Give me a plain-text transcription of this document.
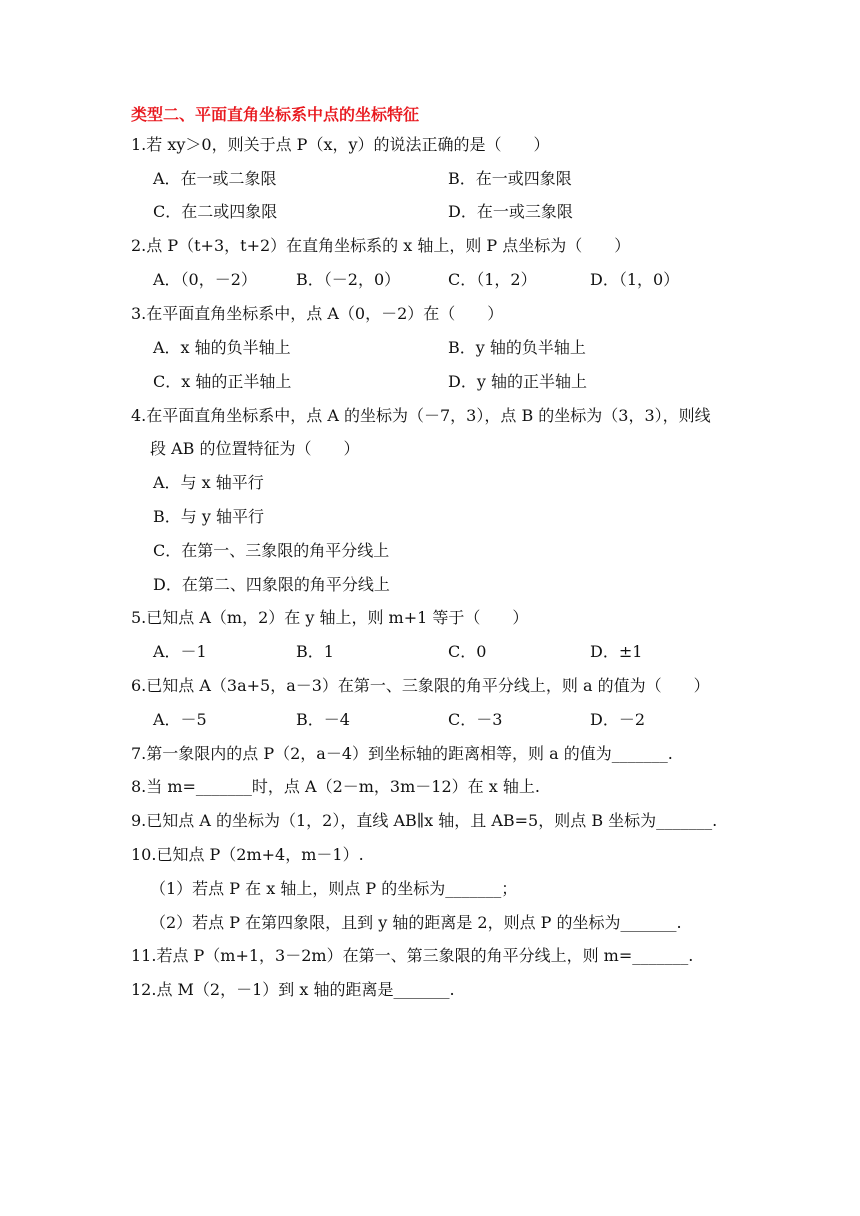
类型二、平面直角坐标系中点的坐标特征
1.若 xy＞0，则关于点 P（x，y）的说法正确的是（　　）
A．在一或二象限	B．在一或四象限
C．在二或四象限	D．在一或三象限
2.点 P（t+3，t+2）在直角坐标系的 x 轴上，则 P 点坐标为（　　）
A．（0，－2） B．（－2，0）	C．（1，2）	D．（1，0）
3.在平面直角坐标系中，点 A（0，－2）在（　　）
A．x 轴的负半轴上	B．y 轴的负半轴上
C．x 轴的正半轴上	D．y 轴的正半轴上
4.在平面直角坐标系中，点 A 的坐标为（－7，3），点 B 的坐标为（3，3），则线
段 AB 的位置特征为（　　）
A．与 x 轴平行
B．与 y 轴平行
C．在第一、三象限的角平分线上
D．在第二、四象限的角平分线上
5.已知点 A（m，2）在 y 轴上，则 m+1 等于（　　）
A．－1	B．1	C．0	D．±1
6.已知点 A（3a+5，a－3）在第一、三象限的角平分线上，则 a 的值为（　　）
A．－5	B．－4	C．－3	D．－2
7.第一象限内的点 P（2，a－4）到坐标轴的距离相等，则 a 的值为_______.
8.当 m=_______时，点 A（2－m，3m－12）在 x 轴上.
9.已知点 A 的坐标为（1，2），直线 AB∥x 轴，且 AB=5，则点 B 坐标为_______.
10.已知点 P（2m+4，m－1）.
（1）若点 P 在 x 轴上，则点 P 的坐标为_______；
（2）若点 P 在第四象限，且到 y 轴的距离是 2，则点 P 的坐标为_______.
11.若点 P（m+1，3－2m）在第一、第三象限的角平分线上，则 m=_______.
12.点 M（2，－1）到 x 轴的距离是_______.
